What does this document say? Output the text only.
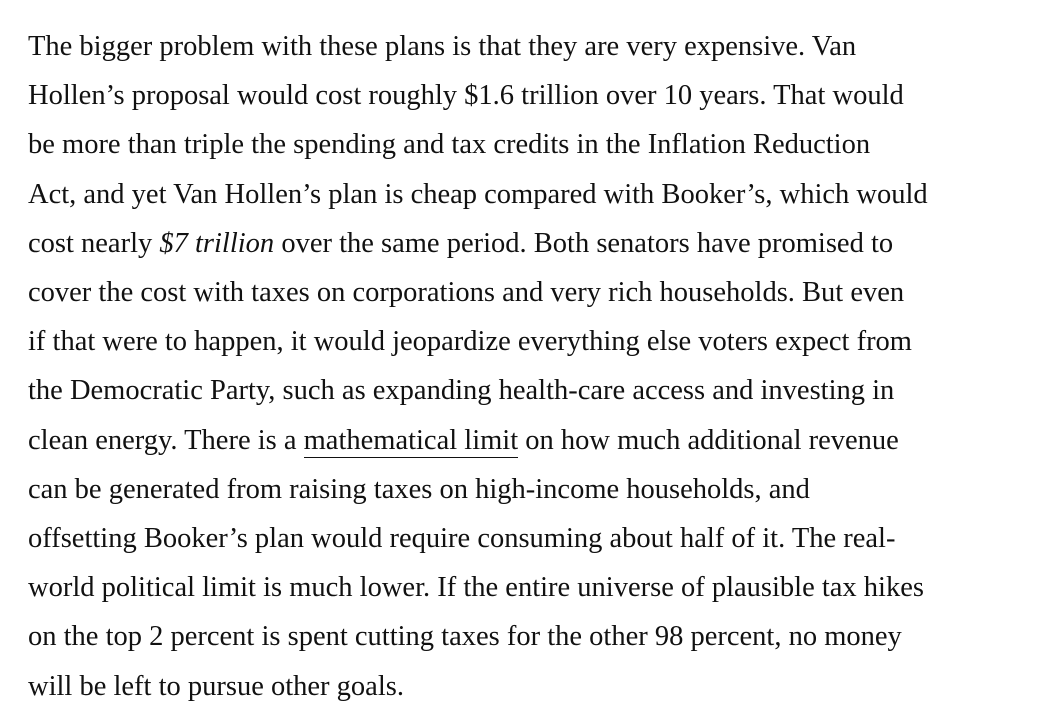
The bigger problem with these plans is that they are very expensive. Van
Hollen’s proposal would cost roughly $1.6 trillion over 10 years. That would
be more than triple the spending and tax credits in the Inflation Reduction
Act, and yet Van Hollen’s plan is cheap compared with Booker’s, which would
cost nearly $7 trillion over the same period. Both senators have promised to
cover the cost with taxes on corporations and very rich households. But even
if that were to happen, it would jeopardize everything else voters expect from
the Democratic Party, such as expanding health-care access and investing in
clean energy. There is a mathematical limit on how much additional revenue
can be generated from raising taxes on high-income households, and
offsetting Booker’s plan would require consuming about half of it. The real-
world political limit is much lower. If the entire universe of plausible tax hikes
on the top 2 percent is spent cutting taxes for the other 98 percent, no money
will be left to pursue other goals.
